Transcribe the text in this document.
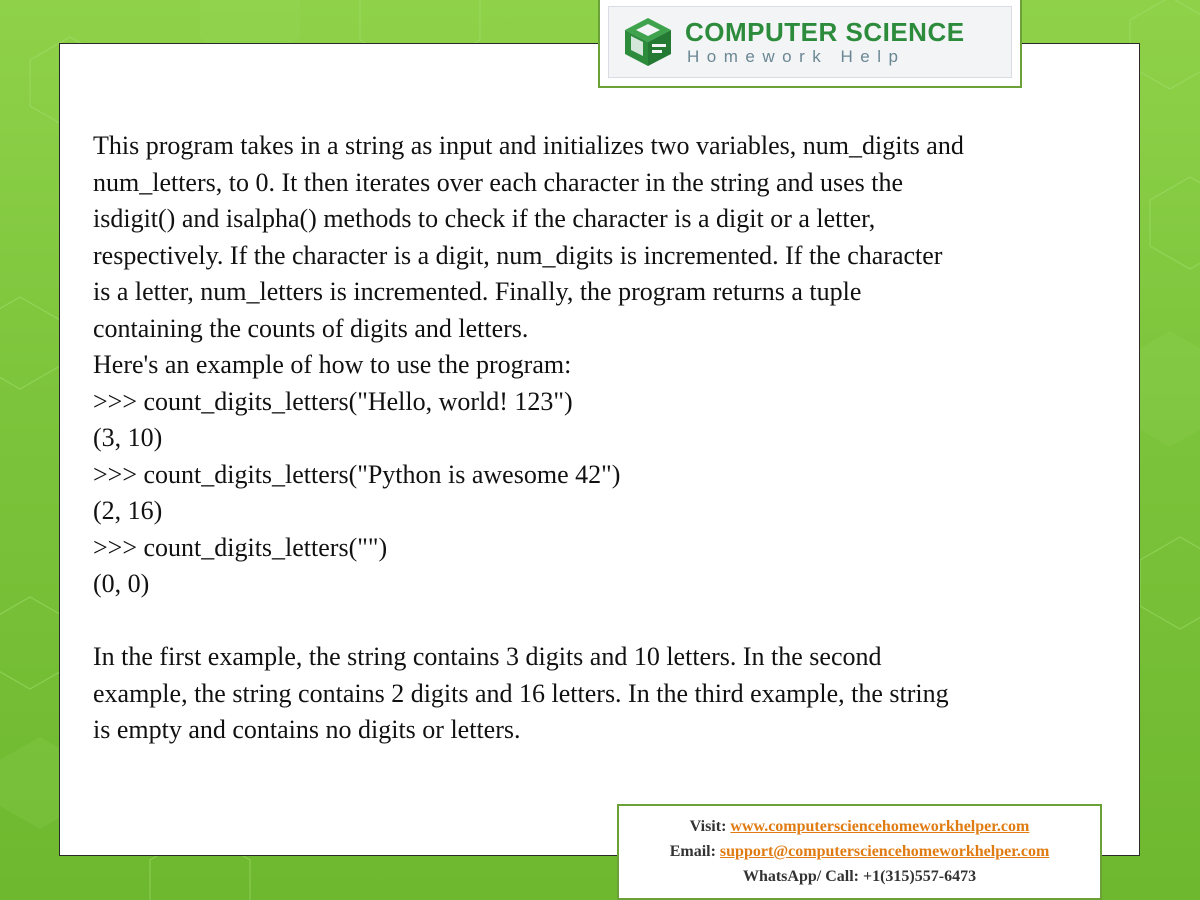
COMPUTER SCIENCE
Homework Help

This program takes in a string as input and initializes two variables, num_digits and

num_letters, to 0. It then iterates over each character in the string and uses the

isdigit() and isalpha() methods to check if the character is a digit or a letter,

respectively. If the character is a digit, num_digits is incremented. If the character

is a letter, num_letters is incremented. Finally, the program returns a tuple

containing the counts of digits and letters.

Here's an example of how to use the program:

>>> count_digits_letters("Hello, world! 123")

(3, 10)

>>> count_digits_letters("Python is awesome 42")

(2, 16)

>>> count_digits_letters("")

(0, 0)

In the first example, the string contains 3 digits and 10 letters. In the second

example, the string contains 2 digits and 16 letters. In the third example, the string

is empty and contains no digits or letters.

Visit: www.computersciencehomeworkhelper.com
Email: support@computersciencehomeworkhelper.com
WhatsApp/ Call: +1(315)557-6473
